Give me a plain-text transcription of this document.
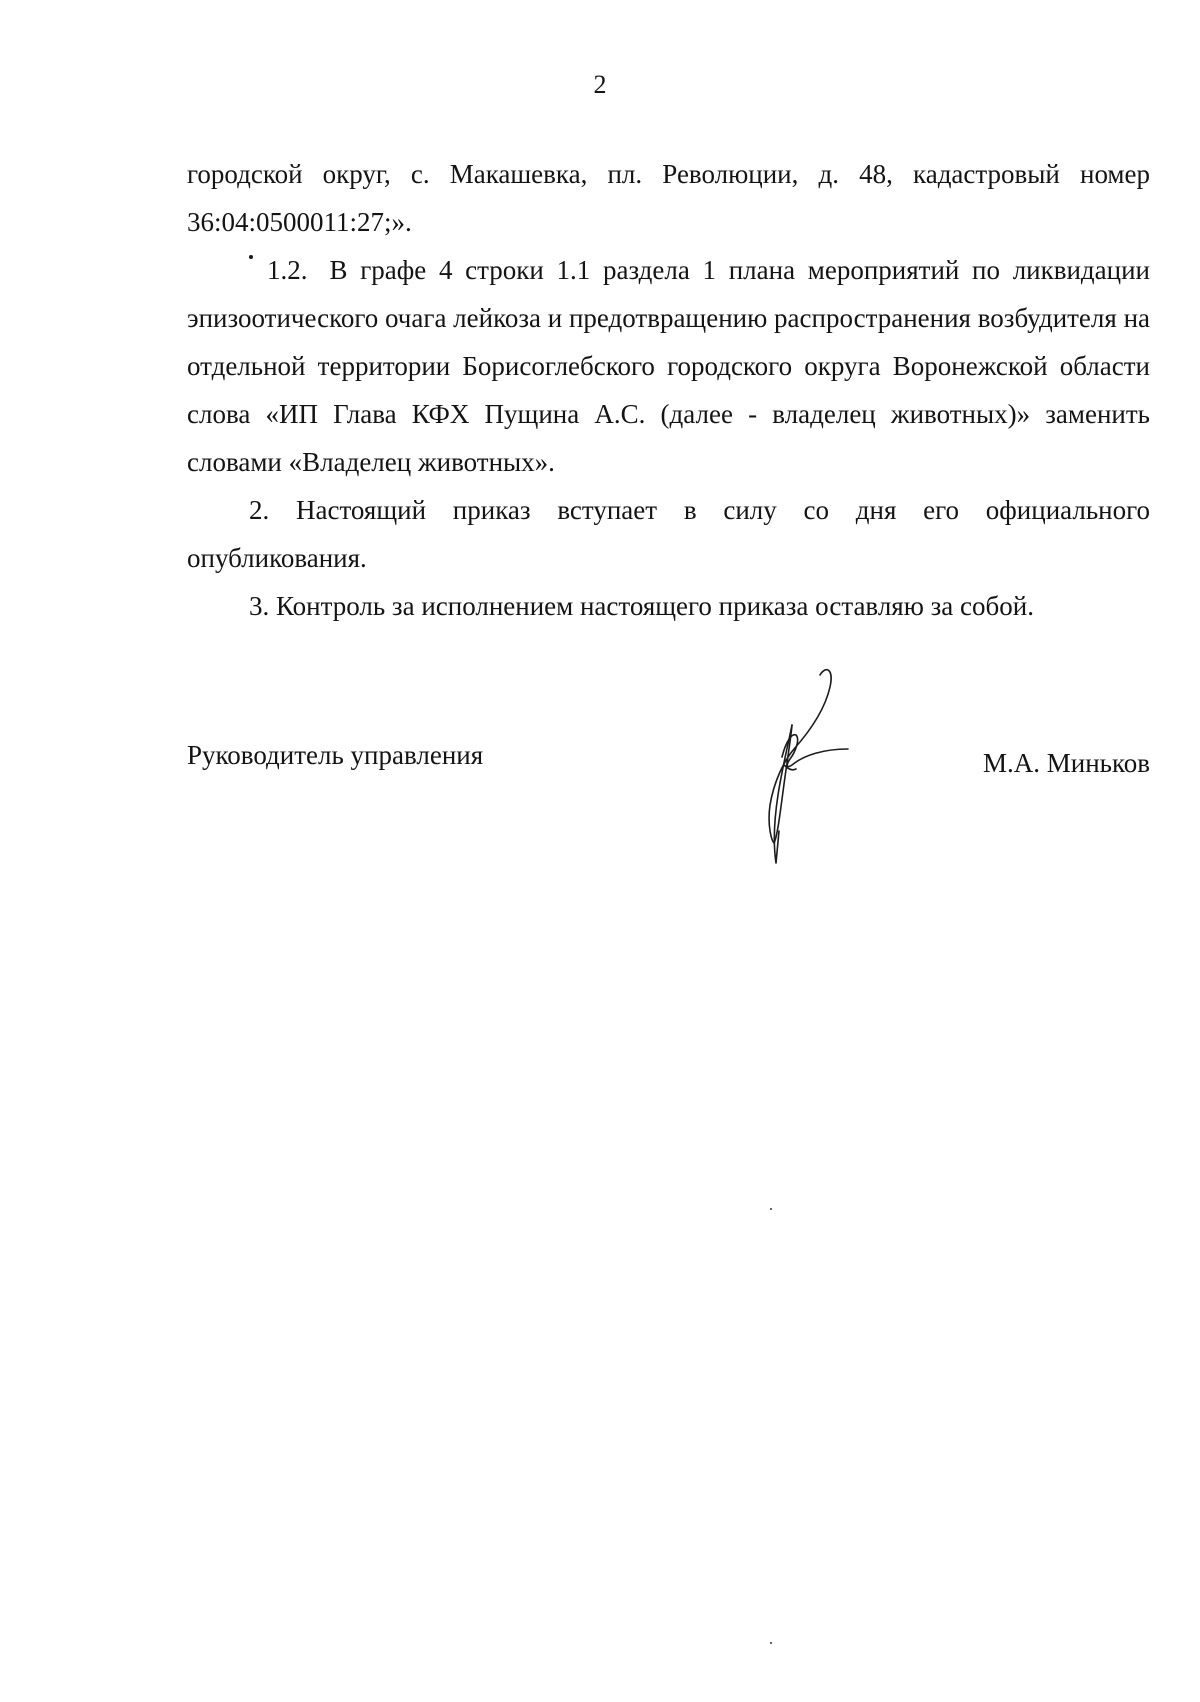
2

городской округ, с. Макашевка, пл. Революции, д. 48, кадастровый номер 36:04:0500011:27;».

1.2. В графе 4 строки 1.1 раздела 1 плана мероприятий по ликвидации эпизоотического очага лейкоза и предотвращению распространения возбудителя на отдельной территории Борисоглебского городского округа Воронежской области слова «ИП Глава КФХ Пущина А.С. (далее - владелец животных)» заменить словами «Владелец животных».

2. Настоящий приказ вступает в силу со дня его официального опубликования.

3. Контроль за исполнением настоящего приказа оставляю за собой.

Руководитель управления	М.А. Миньков
